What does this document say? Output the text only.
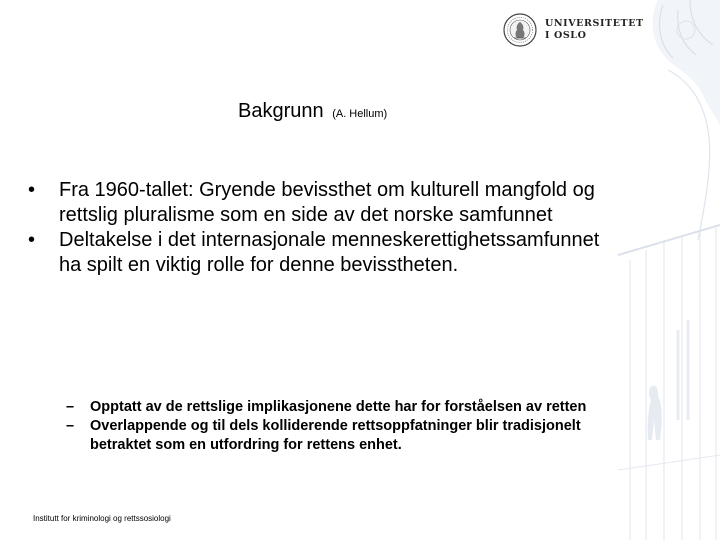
UNIVERSITETET
I OSLO
Bakgrunn (A. Hellum)
• Fra 1960-tallet: Gryende bevissthet om kulturell mangfold og rettslig pluralisme som en side av det norske samfunnet
• Deltakelse i det internasjonale menneskerettighetssamfunnet ha spilt en viktig rolle for denne bevisstheten.
– Opptatt av de rettslige implikasjonene dette har for forståelsen av retten
– Overlappende og til dels kolliderende rettsoppfatninger blir tradisjonelt betraktet som en utfordring for rettens enhet.
Institutt for kriminologi og rettssosiologi
